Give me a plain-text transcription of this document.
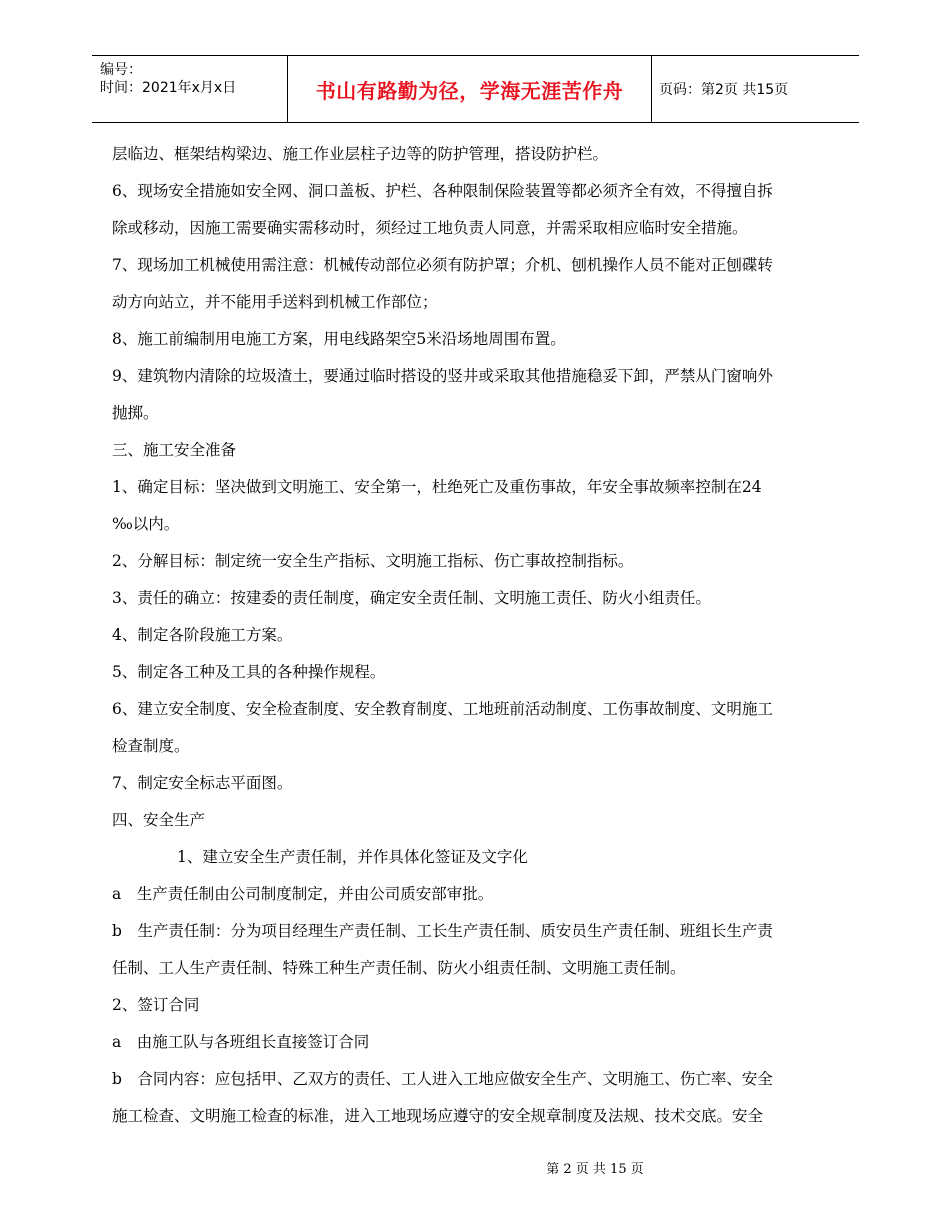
编号：
时间：2021年x月x日	书山有路勤为径，学海无涯苦作舟	页码：第2页 共15页

层临边、框架结构梁边、施工作业层柱子边等的防护管理，搭设防护栏。

6、现场安全措施如安全网、洞口盖板、护栏、各种限制保险装置等都必须齐全有效，不得擅自拆

除或移动，因施工需要确实需移动时，须经过工地负责人同意，并需采取相应临时安全措施。

7、现场加工机械使用需注意：机械传动部位必须有防护罩；介机、刨机操作人员不能对正刨碟转

动方向站立，并不能用手送料到机械工作部位；

8、施工前编制用电施工方案，用电线路架空5米沿场地周围布置。

9、建筑物内清除的垃圾渣土，要通过临时搭设的竖井或采取其他措施稳妥下卸，严禁从门窗响外

抛掷。

三、施工安全准备

1、确定目标：坚决做到文明施工、安全第一，杜绝死亡及重伤事故，年安全事故频率控制在24

‰以内。

2、分解目标：制定统一安全生产指标、文明施工指标、伤亡事故控制指标。

3、责任的确立：按建委的责任制度，确定安全责任制、文明施工责任、防火小组责任。

4、制定各阶段施工方案。

5、制定各工种及工具的各种操作规程。

6、建立安全制度、安全检查制度、安全教育制度、工地班前活动制度、工伤事故制度、文明施工

检查制度。

7、制定安全标志平面图。

四、安全生产

1、建立安全生产责任制，并作具体化签证及文字化

a　生产责任制由公司制度制定，并由公司质安部审批。

b　生产责任制：分为项目经理生产责任制、工长生产责任制、质安员生产责任制、班组长生产责

任制、工人生产责任制、特殊工种生产责任制、防火小组责任制、文明施工责任制。

2、签订合同

a　由施工队与各班组长直接签订合同

b　合同内容：应包括甲、乙双方的责任、工人进入工地应做安全生产、文明施工、伤亡率、安全

施工检查、文明施工检查的标准，进入工地现场应遵守的安全规章制度及法规、技术交底。安全

第 2 页 共 15 页
